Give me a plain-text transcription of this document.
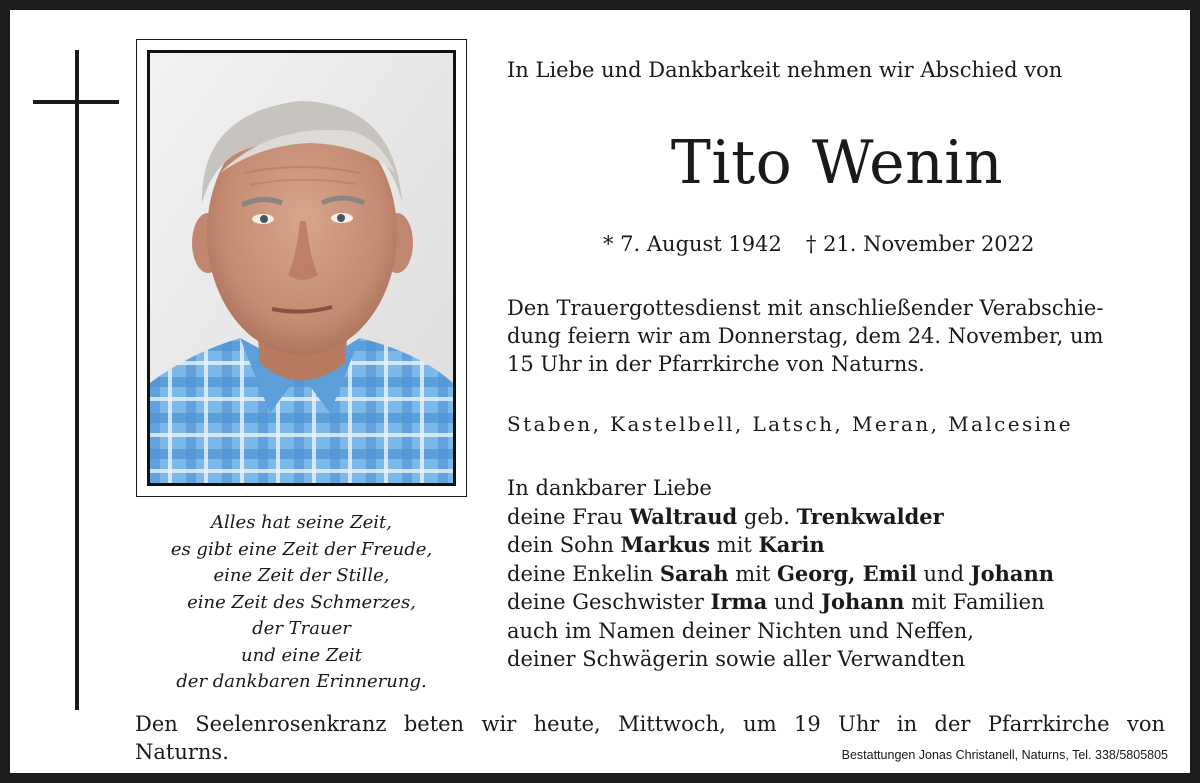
Alles hat seine Zeit,
es gibt eine Zeit der Freude,
eine Zeit der Stille,
eine Zeit des Schmerzes,
der Trauer
und eine Zeit
der dankbaren Erinnerung.
In Liebe und Dankbarkeit nehmen wir Abschied von
Tito Wenin
* 7. August 1942 † 21. November 2022
Den Trauergottesdienst mit anschließender Verabschie-
dung feiern wir am Donnerstag, dem 24. November, um
15 Uhr in der Pfarrkirche von Naturns.
Staben, Kastelbell, Latsch, Meran, Malcesine
In dankbarer Liebe
deine Frau Waltraud geb. Trenkwalder
dein Sohn Markus mit Karin
deine Enkelin Sarah mit Georg, Emil und Johann
deine Geschwister Irma und Johann mit Familien
auch im Namen deiner Nichten und Neffen,
deiner Schwägerin sowie aller Verwandten
Den Seelenrosenkranz beten wir heute, Mittwoch, um 19 Uhr in der Pfarrkirche von
Naturns.	Bestattungen Jonas Christanell, Naturns, Tel. 338/5805805
